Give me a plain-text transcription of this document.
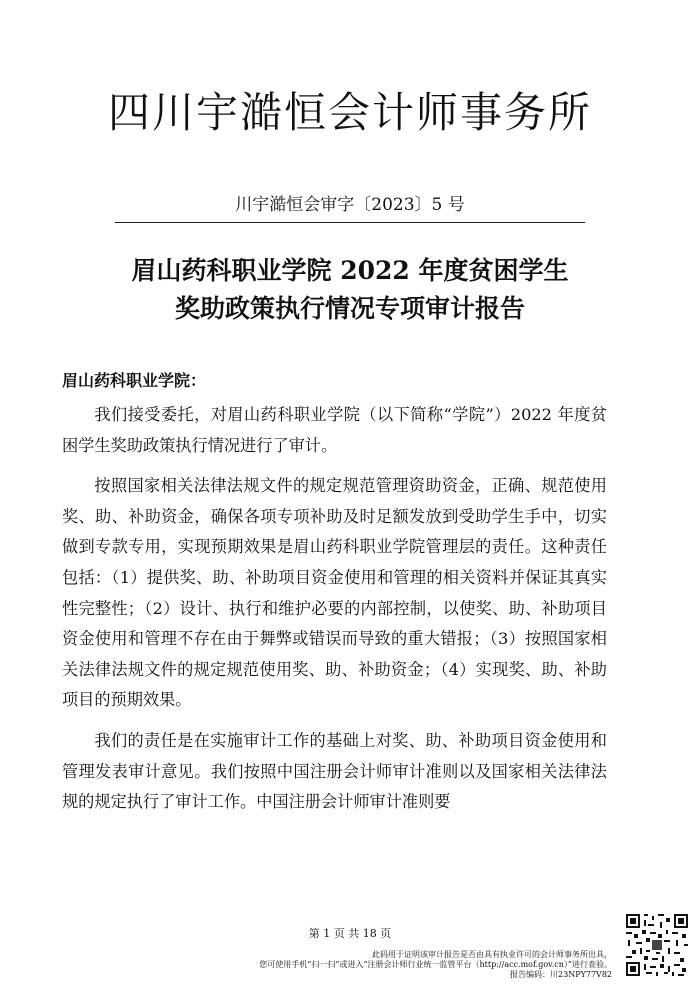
四川宇澔恒会计师事务所
川宇澔恒会审字〔2023〕5 号
眉山药科职业学院 2022 年度贫困学生
奖助政策执行情况专项审计报告
眉山药科职业学院：

我们接受委托，对眉山药科职业学院（以下简称“学院”）2022 年度贫困学生奖助政策执行情况进行了审计。

按照国家相关法律法规文件的规定规范管理资助资金，正确、规范使用奖、助、补助资金，确保各项专项补助及时足额发放到受助学生手中，切实做到专款专用，实现预期效果是眉山药科职业学院管理层的责任。这种责任包括：（1）提供奖、助、补助项目资金使用和管理的相关资料并保证其真实性完整性；（2）设计、执行和维护必要的内部控制，以使奖、助、补助项目资金使用和管理不存在由于舞弊或错误而导致的重大错报；（3）按照国家相关法律法规文件的规定规范使用奖、助、补助资金；（4）实现奖、助、补助项目的预期效果。

我们的责任是在实施审计工作的基础上对奖、助、补助项目资金使用和管理发表审计意见。我们按照中国注册会计师审计准则以及国家相关法律法规的规定执行了审计工作。中国注册会计师审计准则要

第 1 页 共 18 页
此码用于证明该审计报告是否由具有执业许可的会计师事务所出具，
您可使用手机“扫一扫”或进入“注册会计师行业统一监管平台（http://acc.mof.gov.cn）”进行查验。
报告编码：川23NPY77V82
